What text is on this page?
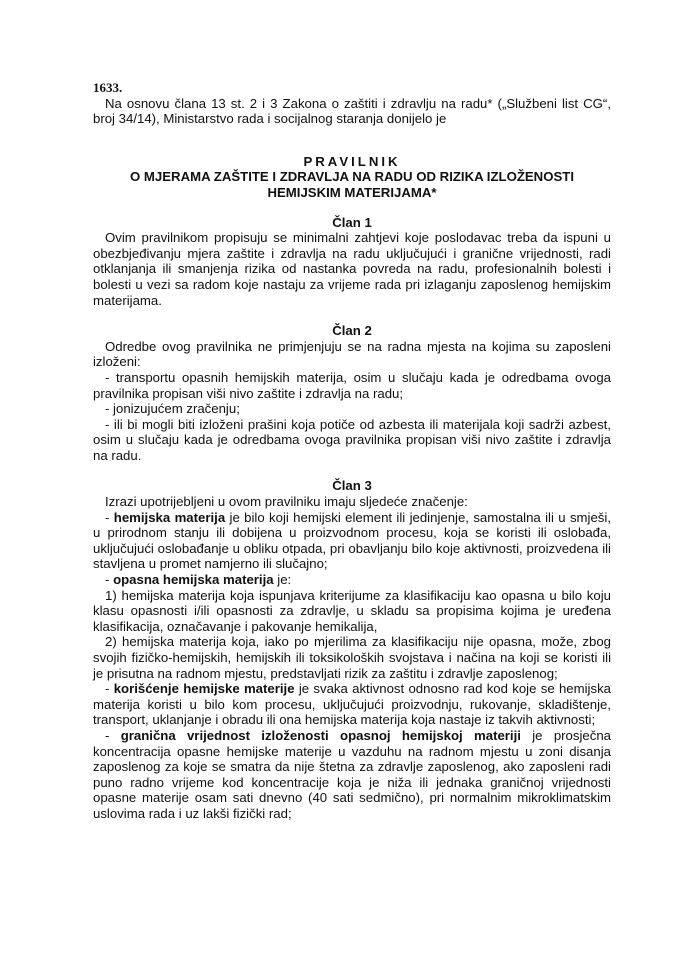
1633.

Na osnovu člana 13 st. 2 i 3 Zakona o zaštiti i zdravlju na radu* („Službeni list CG“, broj 34/14), Ministarstvo rada i socijalnog staranja donijelo je

PRAVILNIK

O MJERAMA ZAŠTITE I ZDRAVLJA NA RADU OD RIZIKA IZLOŽENOSTI

HEMIJSKIM MATERIJAMA*

Član 1

Ovim pravilnikom propisuju se minimalni zahtjevi koje poslodavac treba da ispuni u obezbjeđivanju mjera zaštite i zdravlja na radu uključujući i granične vrijednosti, radi otklanjanja ili smanjenja rizika od nastanka povreda na radu, profesionalnih bolesti i bolesti u vezi sa radom koje nastaju za vrijeme rada pri izlaganju zaposlenog hemijskim materijama.

Član 2

Odredbe ovog pravilnika ne primjenjuju se na radna mjesta na kojima su zaposleni izloženi:

- transportu opasnih hemijskih materija, osim u slučaju kada je odredbama ovoga pravilnika propisan viši nivo zaštite i zdravlja na radu;

- jonizujućem zračenju;

- ili bi mogli biti izloženi prašini koja potiče od azbesta ili materijala koji sadrži azbest, osim u slučaju kada je odredbama ovoga pravilnika propisan viši nivo zaštite i zdravlja na radu.

Član 3

Izrazi upotrijebljeni u ovom pravilniku imaju sljedeće značenje:

- hemijska materija je bilo koji hemijski element ili jedinjenje, samostalna ili u smješi, u prirodnom stanju ili dobijena u proizvodnom procesu, koja se koristi ili oslobađa, uključujući oslobađanje u obliku otpada, pri obavljanju bilo koje aktivnosti, proizvedena ili stavljena u promet namjerno ili slučajno;

- opasna hemijska materija je:

1) hemijska materija koja ispunjava kriterijume za klasifikaciju kao opasna u bilo koju klasu opasnosti i/ili opasnosti za zdravlje, u skladu sa propisima kojima je uređena klasifikacija, označavanje i pakovanje hemikalija,

2) hemijska materija koja, iako po mjerilima za klasifikaciju nije opasna, može, zbog svojih fizičko-hemijskih, hemijskih ili toksikoloških svojstava i načina na koji se koristi ili je prisutna na radnom mjestu, predstavljati rizik za zaštitu i zdravlje zaposlenog;

- korišćenje hemijske materije je svaka aktivnost odnosno rad kod koje se hemijska materija koristi u bilo kom procesu, uključujući proizvodnju, rukovanje, skladištenje, transport, uklanjanje i obradu ili ona hemijska materija koja nastaje iz takvih aktivnosti;

- granična vrijednost izloženosti opasnoj hemijskoj materiji je prosječna koncentracija opasne hemijske materije u vazduhu na radnom mjestu u zoni disanja zaposlenog za koje se smatra da nije štetna za zdravlje zaposlenog, ako zaposleni radi puno radno vrijeme kod koncentracije koja je niža ili jednaka graničnoj vrijednosti opasne materije osam sati dnevno (40 sati sedmično), pri normalnim mikroklimatskim uslovima rada i uz lakši fizički rad;
